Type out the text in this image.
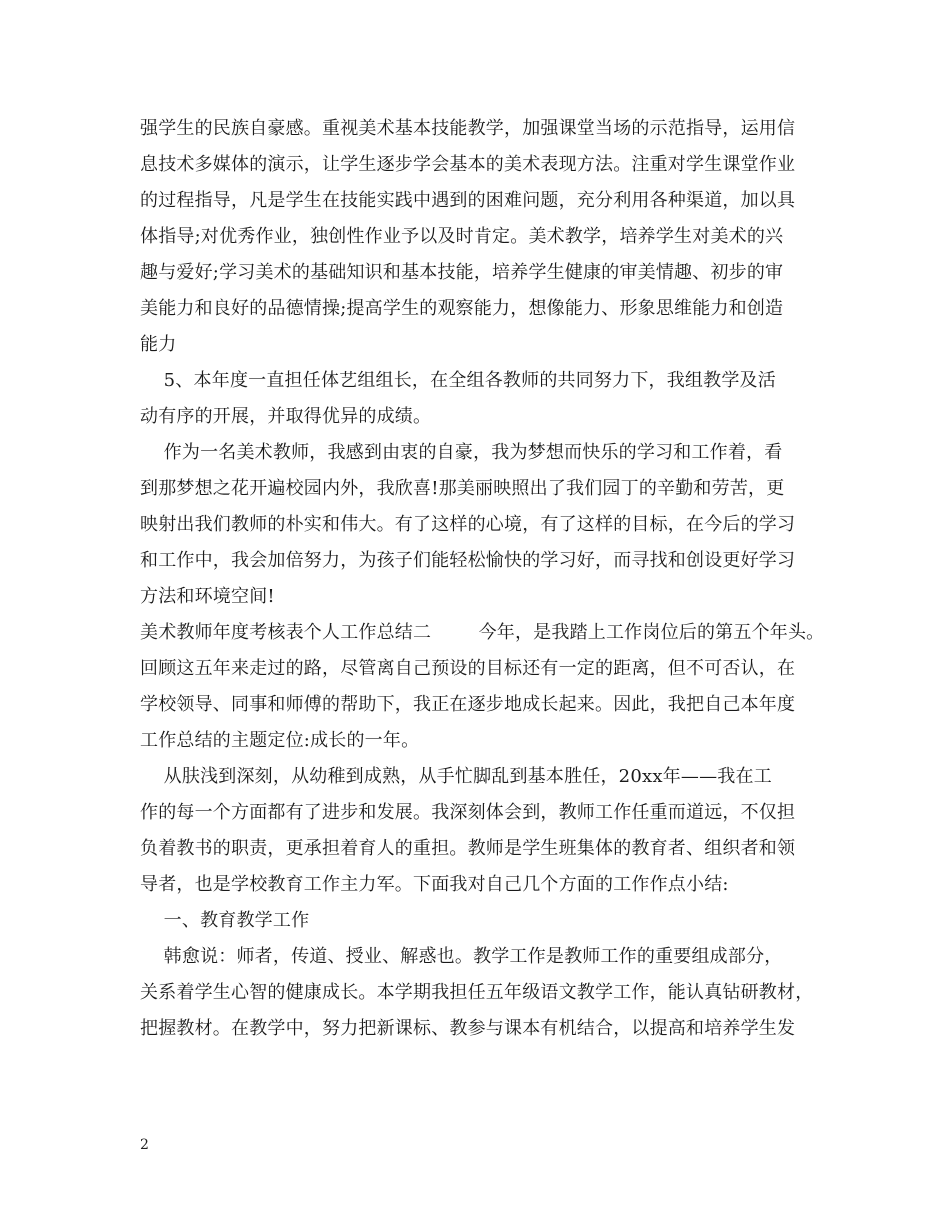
强学生的民族自豪感。重视美术基本技能教学，加强课堂当场的示范指导，运用信
息技术多媒体的演示，让学生逐步学会基本的美术表现方法。注重对学生课堂作业
的过程指导，凡是学生在技能实践中遇到的困难问题，充分利用各种渠道，加以具
体指导;对优秀作业，独创性作业予以及时肯定。美术教学，培养学生对美术的兴
趣与爱好;学习美术的基础知识和基本技能，培养学生健康的审美情趣、初步的审
美能力和良好的品德情操;提高学生的观察能力，想像能力、形象思维能力和创造
能力
5、本年度一直担任体艺组组长，在全组各教师的共同努力下，我组教学及活
动有序的开展，并取得优异的成绩。
作为一名美术教师，我感到由衷的自豪，我为梦想而快乐的学习和工作着，看
到那梦想之花开遍校园内外，我欣喜!那美丽映照出了我们园丁的辛勤和劳苦，更
映射出我们教师的朴实和伟大。有了这样的心境，有了这样的目标，在今后的学习
和工作中，我会加倍努力，为孩子们能轻松愉快的学习好，而寻找和创设更好学习
方法和环境空间!
美术教师年度考核表个人工作总结二        今年，是我踏上工作岗位后的第五个年头。
回顾这五年来走过的路，尽管离自己预设的目标还有一定的距离，但不可否认，在
学校领导、同事和师傅的帮助下，我正在逐步地成长起来。因此，我把自己本年度
工作总结的主题定位:成长的一年。
从肤浅到深刻，从幼稚到成熟，从手忙脚乱到基本胜任，20xx年——我在工
作的每一个方面都有了进步和发展。我深刻体会到，教师工作任重而道远，不仅担
负着教书的职责，更承担着育人的重担。教师是学生班集体的教育者、组织者和领
导者，也是学校教育工作主力军。下面我对自己几个方面的工作作点小结:
一、教育教学工作
韩愈说：师者，传道、授业、解惑也。教学工作是教师工作的重要组成部分，
关系着学生心智的健康成长。本学期我担任五年级语文教学工作，能认真钻研教材，
把握教材。在教学中，努力把新课标、教参与课本有机结合，以提高和培养学生发
2
